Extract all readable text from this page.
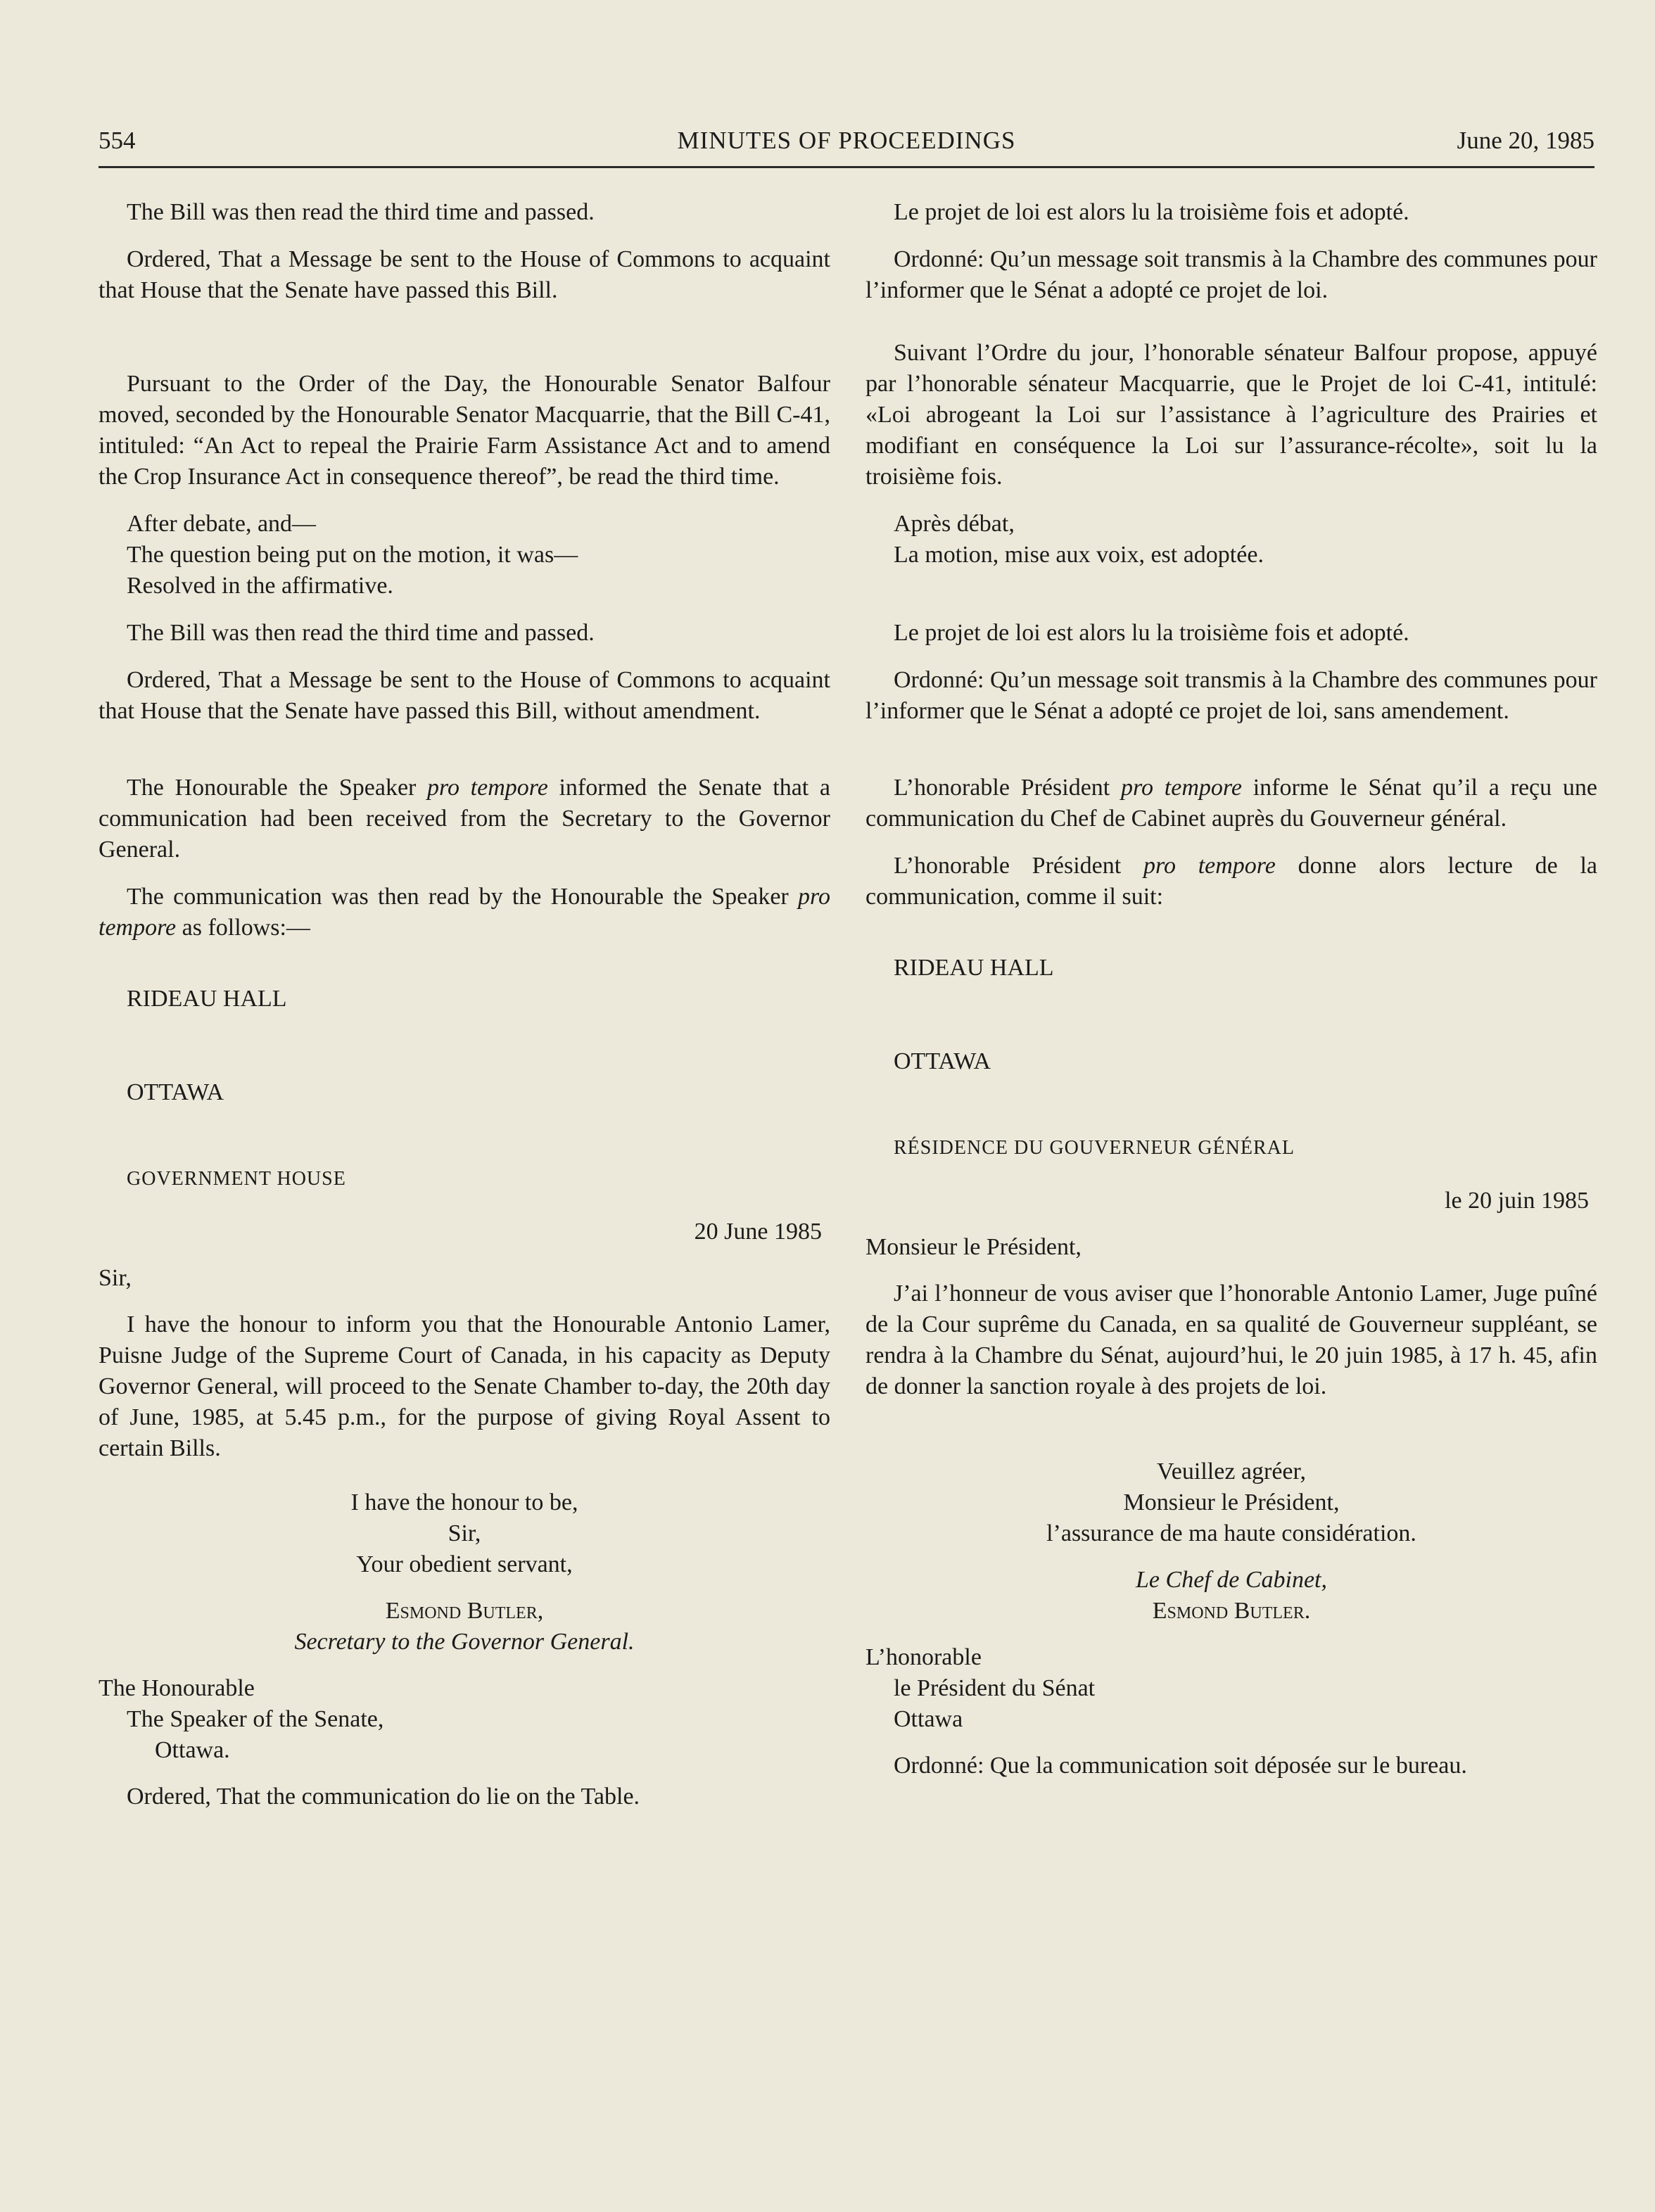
554	MINUTES OF PROCEEDINGS	June 20, 1985

The Bill was then read the third time and passed.

Ordered, That a Message be sent to the House of Commons to acquaint that House that the Senate have passed this Bill.

Pursuant to the Order of the Day, the Honourable Senator Balfour moved, seconded by the Honourable Senator Macquarrie, that the Bill C-41, intituled: “An Act to repeal the Prairie Farm Assistance Act and to amend the Crop Insurance Act in consequence thereof”, be read the third time.

After debate, and—
The question being put on the motion, it was—
Resolved in the affirmative.

The Bill was then read the third time and passed.

Ordered, That a Message be sent to the House of Commons to acquaint that House that the Senate have passed this Bill, without amendment.

The Honourable the Speaker pro tempore informed the Senate that a communication had been received from the Secretary to the Governor General.

The communication was then read by the Honourable the Speaker pro tempore as follows:—

RIDEAU HALL

OTTAWA

GOVERNMENT HOUSE

20 June 1985
Sir,

I have the honour to inform you that the Honourable Antonio Lamer, Puisne Judge of the Supreme Court of Canada, in his capacity as Deputy Governor General, will proceed to the Senate Chamber to-day, the 20th day of June, 1985, at 5.45 p.m., for the purpose of giving Royal Assent to certain Bills.

I have the honour to be,
Sir,
Your obedient servant,
Esmond Butler,
Secretary to the Governor General.
The Honourable
The Speaker of the Senate,
Ottawa.

Ordered, That the communication do lie on the Table.

Le projet de loi est alors lu la troisième fois et adopté.

Ordonné: Qu’un message soit transmis à la Chambre des communes pour l’informer que le Sénat a adopté ce projet de loi.

Suivant l’Ordre du jour, l’honorable sénateur Balfour propose, appuyé par l’honorable sénateur Macquarrie, que le Projet de loi C-41, intitulé: «Loi abrogeant la Loi sur l’assistance à l’agriculture des Prairies et modifiant en conséquence la Loi sur l’assurance-récolte», soit lu la troisième fois.

Après débat,
La motion, mise aux voix, est adoptée.

Le projet de loi est alors lu la troisième fois et adopté.

Ordonné: Qu’un message soit transmis à la Chambre des communes pour l’informer que le Sénat a adopté ce projet de loi, sans amendement.

L’honorable Président pro tempore informe le Sénat qu’il a reçu une communication du Chef de Cabinet auprès du Gouverneur général.

L’honorable Président pro tempore donne alors lecture de la communication, comme il suit:

RIDEAU HALL

OTTAWA

RÉSIDENCE DU GOUVERNEUR GÉNÉRAL

le 20 juin 1985
Monsieur le Président,

J’ai l’honneur de vous aviser que l’honorable Antonio Lamer, Juge puîné de la Cour suprême du Canada, en sa qualité de Gouverneur suppléant, se rendra à la Chambre du Sénat, aujourd’hui, le 20 juin 1985, à 17 h. 45, afin de donner la sanction royale à des projets de loi.

Veuillez agréer,
Monsieur le Président,
l’assurance de ma haute considération.
Le Chef de Cabinet,
Esmond Butler.
L’honorable
le Président du Sénat
Ottawa

Ordonné: Que la communication soit déposée sur le bureau.
